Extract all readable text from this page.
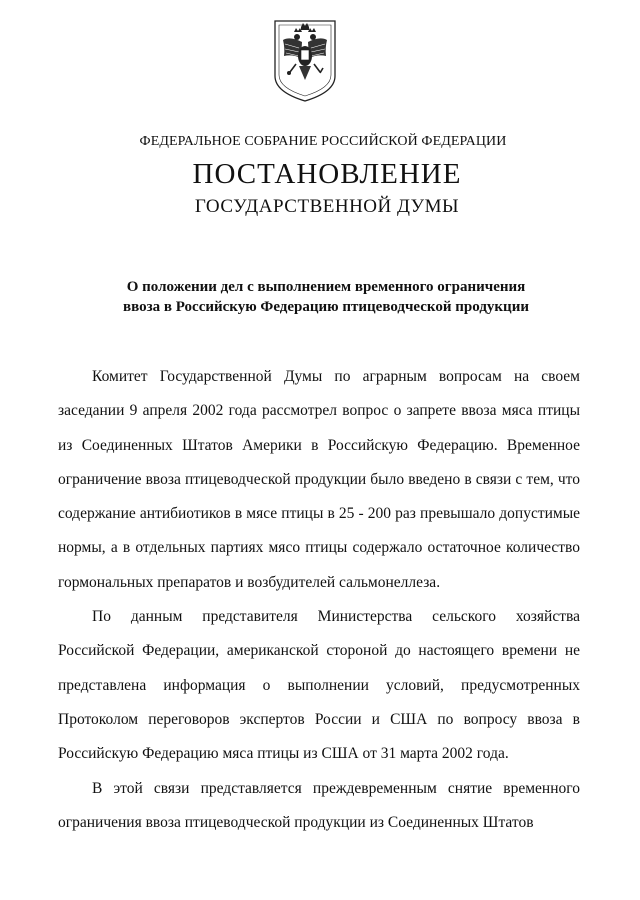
ФЕДЕРАЛЬНОЕ СОБРАНИЕ РОССИЙСКОЙ ФЕДЕРАЦИИ
ПОСТАНОВЛЕНИЕ
ГОСУДАРСТВЕННОЙ ДУМЫ
О положении дел с выполнением временного ограничения
ввоза в Российскую Федерацию птицеводческой продукции

Комитет Государственной Думы по аграрным вопросам на своем заседании 9 апреля 2002 года рассмотрел вопрос о запрете ввоза мяса птицы из Соединенных Штатов Америки в Российскую Федерацию. Временное ограничение ввоза птицеводческой продукции было введено в связи с тем, что содержание антибиотиков в мясе птицы в 25 - 200 раз превышало допустимые нормы, а в отдельных партиях мясо птицы содержало остаточное количество гормональных препаратов и возбудителей сальмонеллеза.

По данным представителя Министерства сельского хозяйства Российской Федерации, американской стороной до настоящего времени не представлена информация о выполнении условий, предусмотренных Протоколом переговоров экспертов России и США по вопросу ввоза в Российскую Федерацию мяса птицы из США от 31 марта 2002 года.

В этой связи представляется преждевременным снятие временного ограничения ввоза птицеводческой продукции из Соединенных Штатов
